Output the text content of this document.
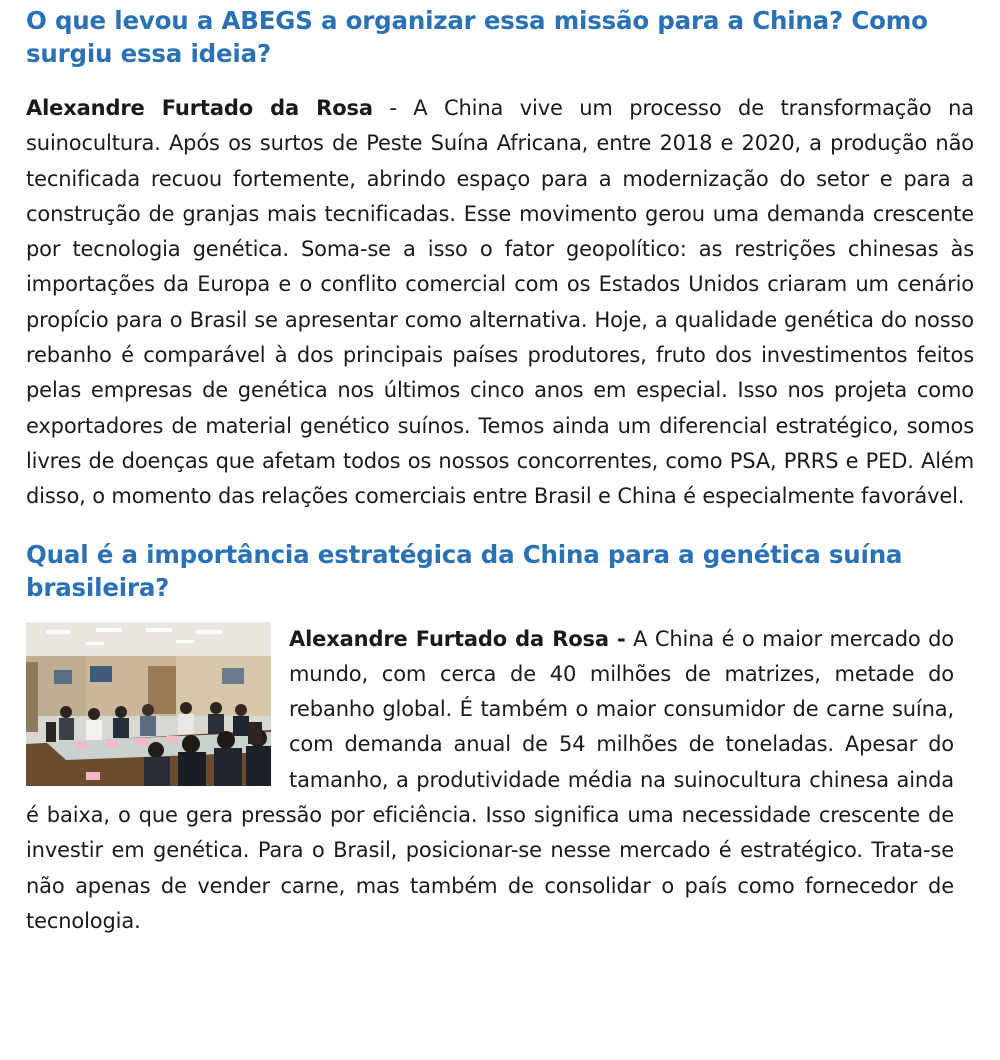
O que levou a ABEGS a organizar essa missão para a China? Como surgiu essa ideia?

Alexandre Furtado da Rosa - A China vive um processo de transformação na suinocultura. Após os surtos de Peste Suína Africana, entre 2018 e 2020, a produção não tecnificada recuou fortemente, abrindo espaço para a modernização do setor e para a construção de granjas mais tecnificadas. Esse movimento gerou uma demanda crescente por tecnologia genética. Soma-se a isso o fator geopolítico: as restrições chinesas às importações da Europa e o conflito comercial com os Estados Unidos criaram um cenário propício para o Brasil se apresentar como alternativa. Hoje, a qualidade genética do nosso rebanho é comparável à dos principais países produtores, fruto dos investimentos feitos pelas empresas de genética nos últimos cinco anos em especial. Isso nos projeta como exportadores de material genético suínos. Temos ainda um diferencial estratégico, somos livres de doenças que afetam todos os nossos concorrentes, como PSA, PRRS e PED. Além disso, o momento das relações comerciais entre Brasil e China é especialmente favorável.

Qual é a importância estratégica da China para a genética suína brasileira?

Alexandre Furtado da Rosa - A China é o maior mercado do mundo, com cerca de 40 milhões de matrizes, metade do rebanho global. É também o maior consumidor de carne suína, com demanda anual de 54 milhões de toneladas. Apesar do tamanho, a produtividade média na suinocultura chinesa ainda é baixa, o que gera pressão por eficiência. Isso significa uma necessidade crescente de investir em genética. Para o Brasil, posicionar-se nesse mercado é estratégico. Trata-se não apenas de vender carne, mas também de consolidar o país como fornecedor de tecnologia.
